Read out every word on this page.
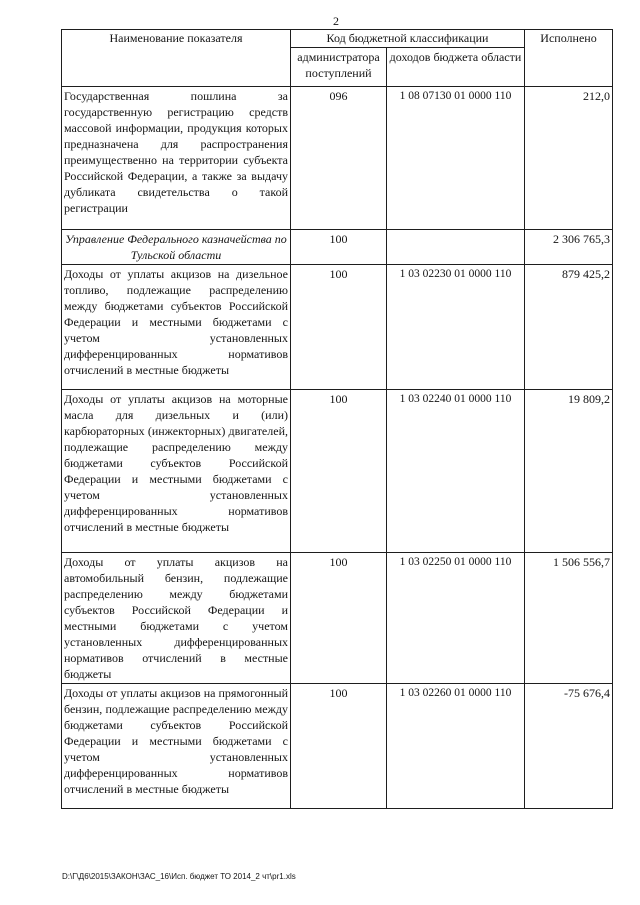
2
Наименование показателя	Код бюджетной классификации		Исполнено
	администратора поступлений	доходов бюджета области	
Государственная пошлина за государственную регистрацию средств массовой информации, продукция которых предназначена для распространения преимущественно на территории субъекта Российской Федерации, а также за выдачу дубликата свидетельства о такой регистрации	096	1 08 07130 01 0000 110	212,0
Управление Федерального казначейства по Тульской области	100		2 306 765,3
Доходы от уплаты акцизов на дизельное топливо, подлежащие распределению между бюджетами субъектов Российской Федерации и местными бюджетами с учетом установленных дифференцированных нормативов отчислений в местные бюджеты	100	1 03 02230 01 0000 110	879 425,2
Доходы от уплаты акцизов на моторные масла для дизельных и (или) карбюраторных (инжекторных) двигателей, подлежащие распределению между бюджетами субъектов Российской Федерации и местными бюджетами с учетом установленных дифференцированных нормативов отчислений в местные бюджеты	100	1 03 02240 01 0000 110	19 809,2
Доходы от уплаты акцизов на автомобильный бензин, подлежащие распределению между бюджетами субъектов Российской Федерации и местными бюджетами с учетом установленных дифференцированных нормативов отчислений в местные бюджеты	100	1 03 02250 01 0000 110	1 506 556,7
Доходы от уплаты акцизов на прямогонный бензин, подлежащие распределению между бюджетами субъектов Российской Федерации и местными бюджетами с учетом установленных дифференцированных нормативов отчислений в местные бюджеты	100	1 03 02260 01 0000 110	-75 676,4
D:\Г\Д6\2015\ЗАКОН\ЗАС_16\Исп. бюджет ТО 2014_2 чт\pr1.xls
